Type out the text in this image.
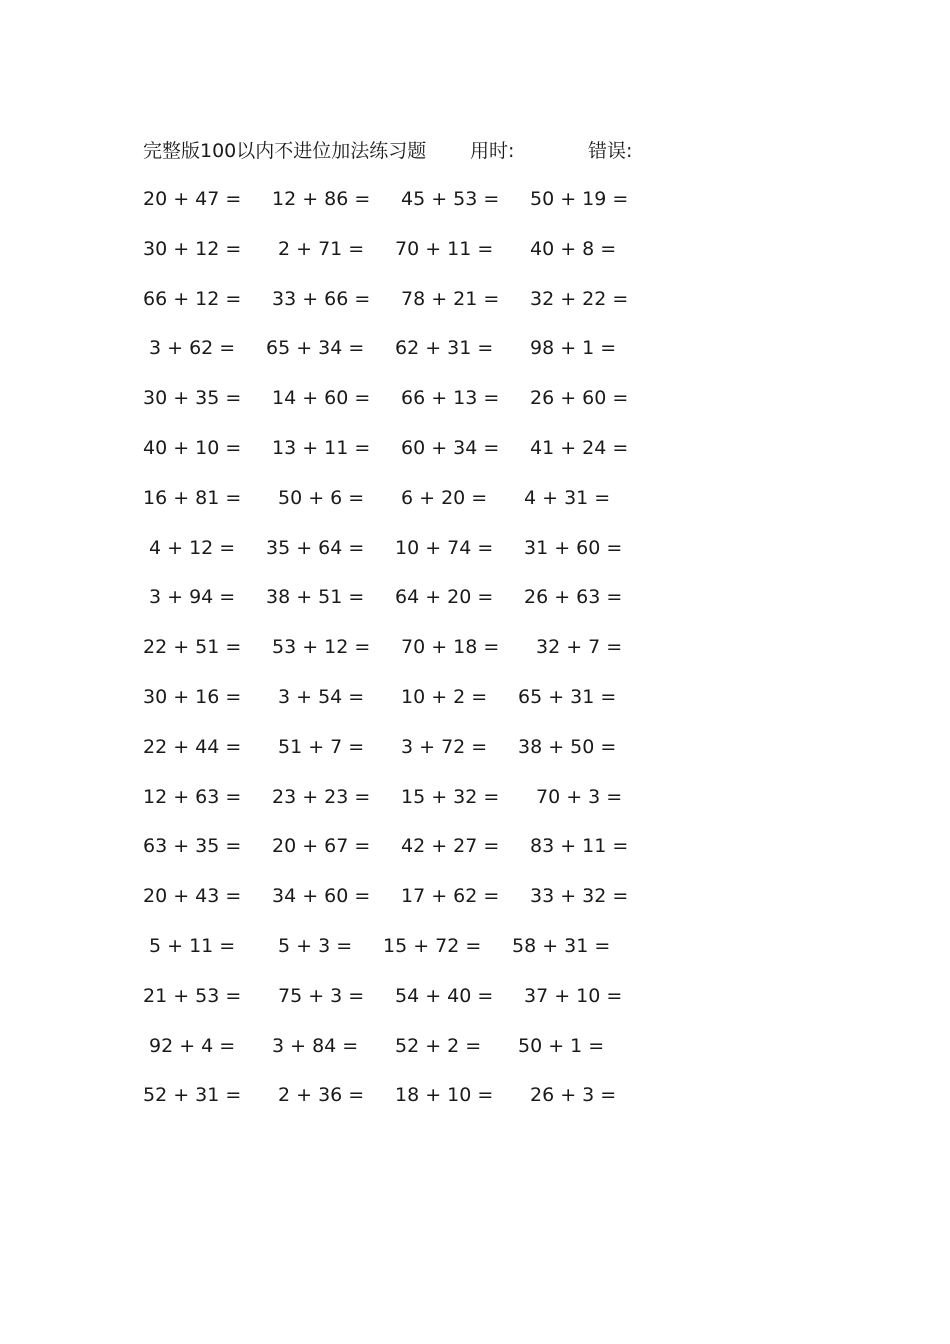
完整版100以内不进位加法练习题 用时:	错误:
20 + 47 = 12 + 86 = 45 + 53 = 50 + 19 =
30 + 12 = 2 + 71 = 70 + 11 = 40 + 8 =
66 + 12 = 33 + 66 = 78 + 21 = 32 + 22 =
3 + 62 = 65 + 34 = 62 + 31 = 98 + 1 =
30 + 35 = 14 + 60 = 66 + 13 = 26 + 60 =
40 + 10 = 13 + 11 = 60 + 34 = 41 + 24 =
16 + 81 = 50 + 6 = 6 + 20 = 4 + 31 =
4 + 12 = 35 + 64 = 10 + 74 = 31 + 60 =
3 + 94 = 38 + 51 = 64 + 20 = 26 + 63 =
22 + 51 = 53 + 12 = 70 + 18 = 32 + 7 =
30 + 16 = 3 + 54 = 10 + 2 = 65 + 31 =
22 + 44 = 51 + 7 = 3 + 72 = 38 + 50 =
12 + 63 = 23 + 23 = 15 + 32 = 70 + 3 =
63 + 35 = 20 + 67 = 42 + 27 = 83 + 11 =
20 + 43 = 34 + 60 = 17 + 62 = 33 + 32 =
5 + 11 = 5 + 3 = 15 + 72 = 58 + 31 =
21 + 53 = 75 + 3 = 54 + 40 = 37 + 10 =
92 + 4 = 3 + 84 = 52 + 2 = 50 + 1 =
52 + 31 = 2 + 36 = 18 + 10 = 26 + 3 =
